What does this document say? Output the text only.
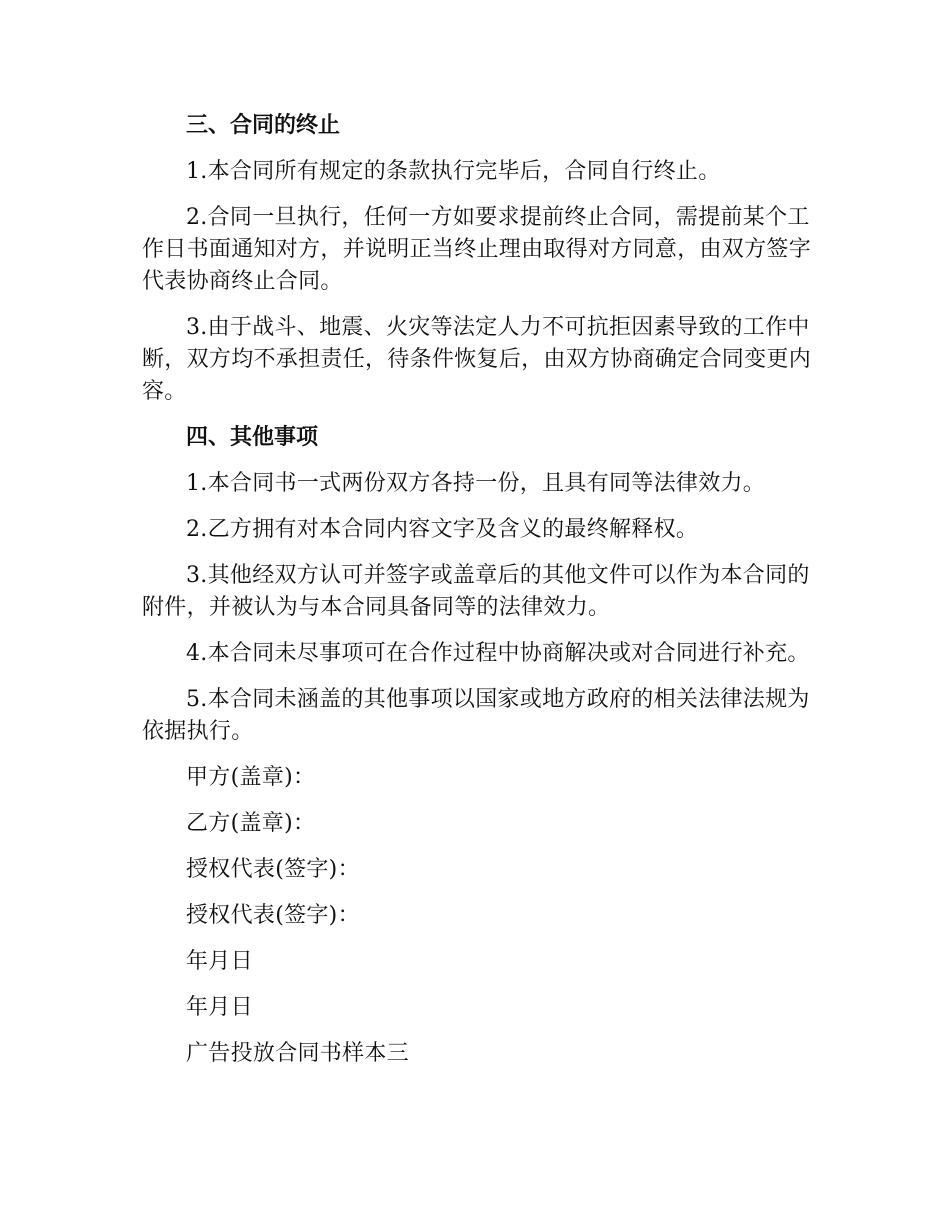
三、合同的终止

1.本合同所有规定的条款执行完毕后，合同自行终止。

2.合同一旦执行，任何一方如要求提前终止合同，需提前某个工作日书面通知对方，并说明正当终止理由取得对方同意，由双方签字代表协商终止合同。

3.由于战斗、地震、火灾等法定人力不可抗拒因素导致的工作中断，双方均不承担责任，待条件恢复后，由双方协商确定合同变更内容。

四、其他事项

1.本合同书一式两份双方各持一份，且具有同等法律效力。

2.乙方拥有对本合同内容文字及含义的最终解释权。

3.其他经双方认可并签字或盖章后的其他文件可以作为本合同的附件，并被认为与本合同具备同等的法律效力。

4.本合同未尽事项可在合作过程中协商解决或对合同进行补充。

5.本合同未涵盖的其他事项以国家或地方政府的相关法律法规为依据执行。

甲方(盖章)：

乙方(盖章)：

授权代表(签字)：

授权代表(签字)：

年月日

年月日

广告投放合同书样本三
